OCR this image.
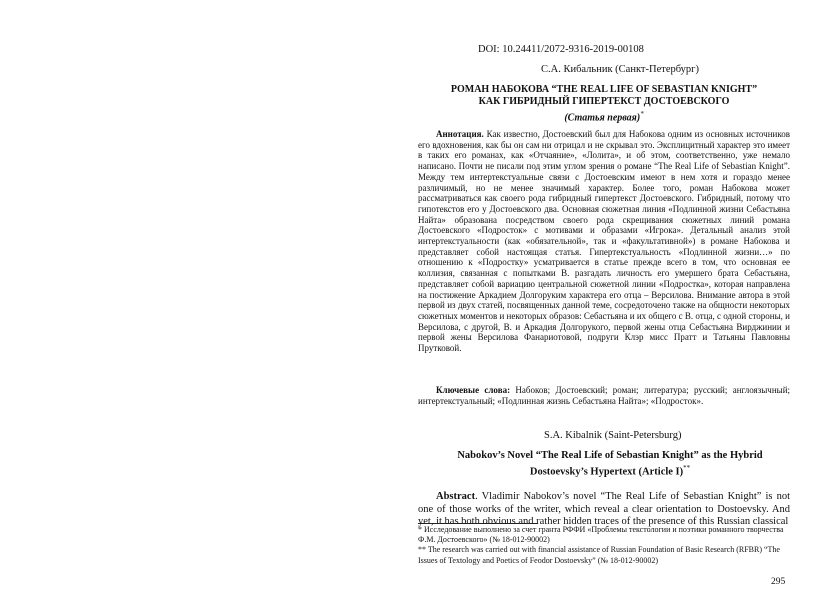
DOI: 10.24411/2072-9316-2019-00108
С.А. Кибальник (Санкт-Петербург)
РОМАН НАБОКОВА “THE REAL LIFE OF SEBASTIAN KNIGHT”
КАК ГИБРИДНЫЙ ГИПЕРТЕКСТ ДОСТОЕВСКОГО
(Статья первая)*
Аннотация. Как известно, Достоевский был для Набокова одним из основных источников его вдохновения, как бы он сам ни отрицал и не скрывал это. Эксплицитный характер это имеет в таких его романах, как «Отчаяние», «Лолита», и об этом, соответственно, уже немало написано. Почти не писали под этим углом зрения о романе “The Real Life of Sebastian Knight”. Между тем интертекстуальные связи с Достоевским имеют в нем хотя и гораздо менее различимый, но не менее значимый характер. Более того, роман Набокова может рассматриваться как своего рода гибридный гипертекст Достоевского. Гибридный, потому что гипотекстов его у Достоевского два. Основная сюжетная линия «Подлинной жизни Себастьяна Найта» образована посредством своего рода скрещивания сюжетных линий романа Достоевского «Подросток» с мотивами и образами «Игрока». Детальный анализ этой интертекстуальности (как «обязательной», так и «факультативной») в романе Набокова и представляет собой настоящая статья. Гипертекстуальность «Подлинной жизни…» по отношению к «Подростку» усматривается в статье прежде всего в том, что основная ее коллизия, связанная с попытками В. разгадать личность его умершего брата Себастьяна, представляет собой вариацию центральной сюжетной линии «Подростка», которая направлена на постижение Аркадием Долгоруким характера его отца – Версилова. Внимание автора в этой первой из двух статей, посвященных данной теме, сосредоточено также на общности некоторых сюжетных моментов и некоторых образов: Себастьяна и их общего с В. отца, с одной стороны, и Версилова, с другой, В. и Аркадия Долгорукого, первой жены отца Себастьяна Вирджинии и первой жены Версилова Фанариотовой, подруги Клэр мисс Пратт и Татьяны Павловны Прутковой.
Ключевые слова: Набоков; Достоевский; роман; литература; русский; англоязычный; интертекстуальный; «Подлинная жизнь Себастьяна Найта»; «Подросток».
S.A. Kibalnik (Saint-Petersburg)
Nabokov’s Novel “The Real Life of Sebastian Knight” as the Hybrid
Dostoevsky’s Hypertext (Article I)**
Abstract. Vladimir Nabokov’s novel “The Real Life of Sebastian Knight” is not one of those works of the writer, which reveal a clear orientation to Dostoevsky. And yet, it has both obvious and rather hidden traces of the presence of this Russian classical
* Исследование выполнено за счет гранта РФФИ «Проблемы текстологии и поэтики романного творчества Ф.М. Достоевского» (№ 18-012-90002)
** The research was carried out with financial assistance of Russian Foundation of Basic Research (RFBR) “The Issues of Textology and Poetics of Feodor Dostoevsky” (№ 18-012-90002)
295
